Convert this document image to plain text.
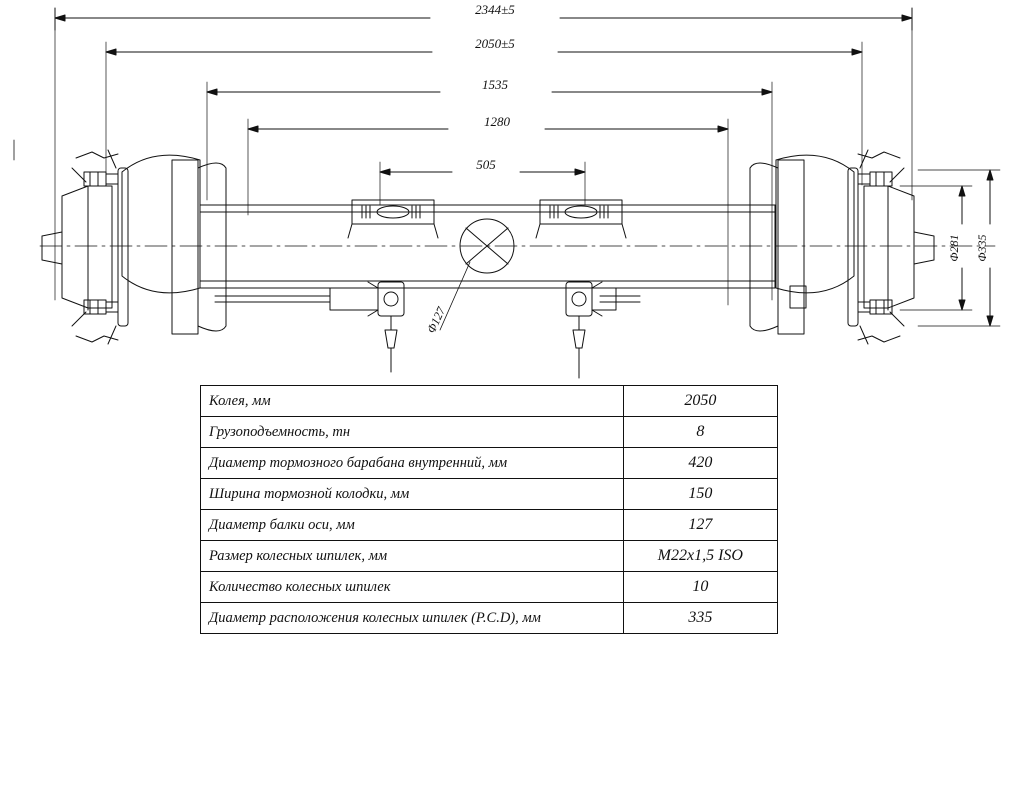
2344±5
2050±5
1535
1280
505
Φ127
Φ281 Φ335
Колея, мм	2050
Грузоподъемность, тн	8
Диаметр тормозного барабана внутренний, мм	420
Ширина тормозной колодки, мм	150
Диаметр балки оси, мм	127
Размер колесных шпилек, мм	M22x1,5 ISO
Количество колесных шпилек	10
Диаметр расположения колесных шпилек (P.C.D), мм	335
